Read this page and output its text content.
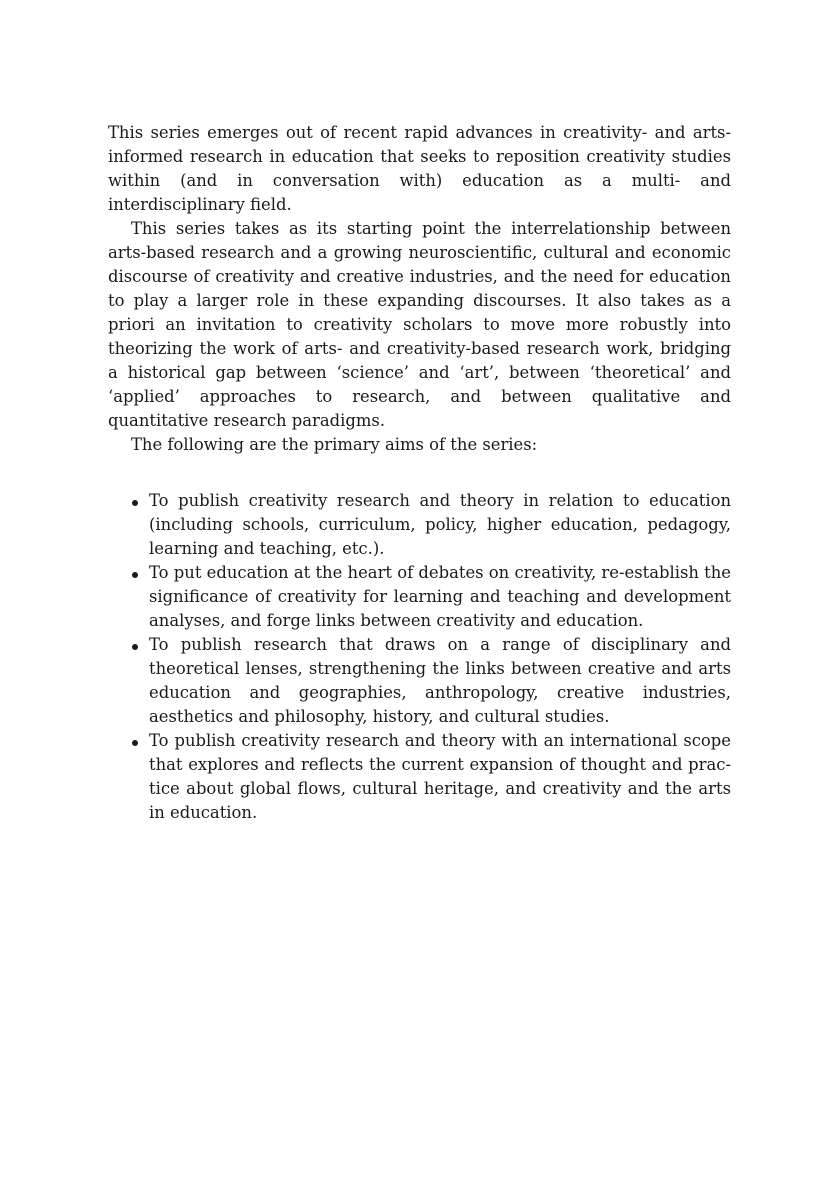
This series emerges out of recent rapid advances in creativity- and arts-informed research in education that seeks to reposition creativity studies within (and in conversation with) education as a multi- and interdisciplinary field.

This series takes as its starting point the interrelationship between arts-based research and a growing neuroscientific, cultural and economic discourse of creativity and creative industries, and the need for education to play a larger role in these expanding discourses. It also takes as a priori an invitation to creativity scholars to move more robustly into theorizing the work of arts- and creativity-based research work, bridging a historical gap between ‘science’ and ‘art’, between ‘theoretical’ and ‘applied’ approaches to research, and between qualitative and quantitative research paradigms.

The following are the primary aims of the series:

To publish creativity research and theory in relation to education (including schools, curriculum, policy, higher education, pedagogy, learning and teaching, etc.).
To put education at the heart of debates on creativity, re-establish the significance of creativity for learning and teaching and development analyses, and forge links between creativity and education.
To publish research that draws on a range of disciplinary and theoretical lenses, strengthening the links between creative and arts education and geographies, anthropology, creative industries, aesthetics and philosophy, history, and cultural studies.
To publish creativity research and theory with an international scope that explores and reflects the current expansion of thought and practice about global flows, cultural heritage, and creativity and the arts in education.
